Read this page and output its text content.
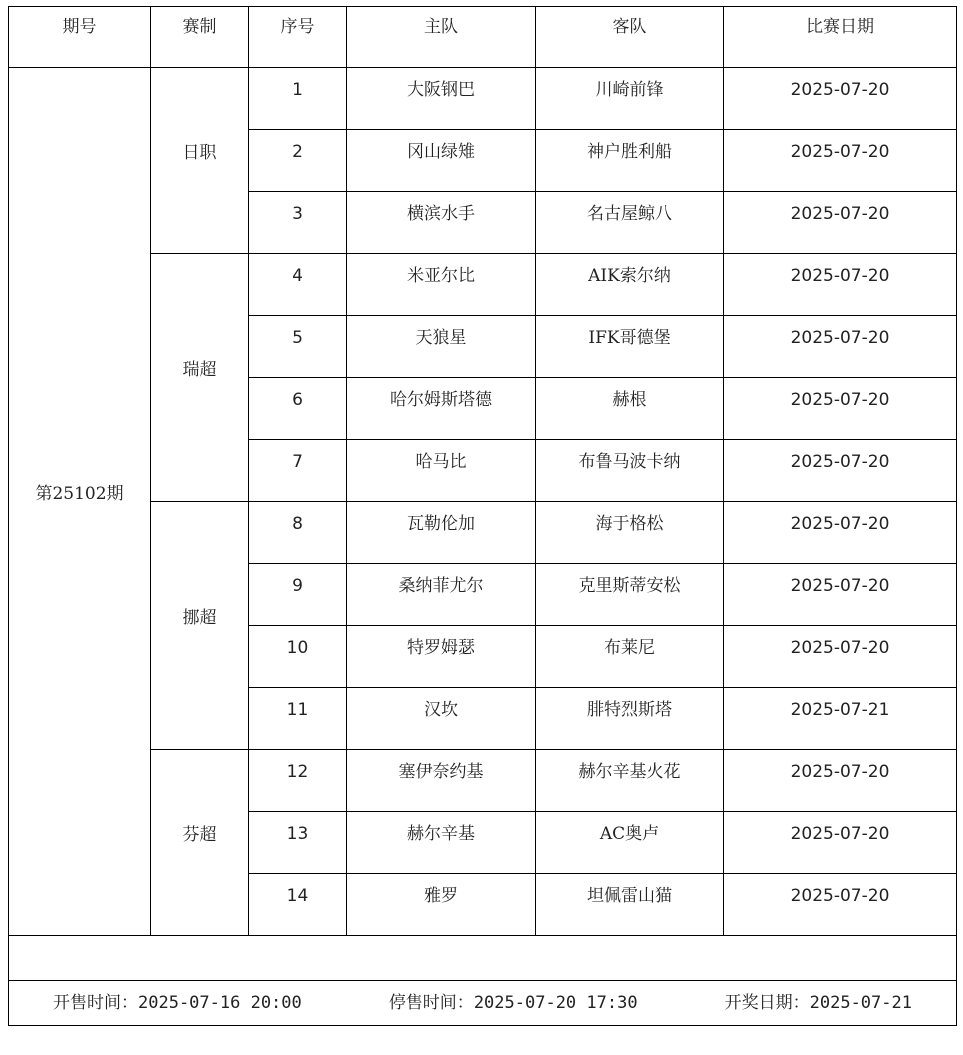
期号	赛制	序号	主队	客队	比赛日期
第25102期	日职	1	大阪钢巴	川崎前锋	2025-07-20
		2	冈山绿雉	神户胜利船	2025-07-20
		3	横滨水手	名古屋鲸八	2025-07-20
	瑞超	4	米亚尔比	AIK索尔纳	2025-07-20
		5	天狼星	IFK哥德堡	2025-07-20
		6	哈尔姆斯塔德	赫根	2025-07-20
		7	哈马比	布鲁马波卡纳	2025-07-20
	挪超	8	瓦勒伦加	海于格松	2025-07-20
		9	桑纳菲尤尔	克里斯蒂安松	2025-07-20
		10	特罗姆瑟	布莱尼	2025-07-20
		11	汉坎	腓特烈斯塔	2025-07-21
	芬超	12	塞伊奈约基	赫尔辛基火花	2025-07-20
		13	赫尔辛基	AC奥卢	2025-07-20
		14	雅罗	坦佩雷山猫	2025-07-20

开售时间：2025-07-16 20:00 停售时间：2025-07-20 17:30 开奖日期：2025-07-21					
